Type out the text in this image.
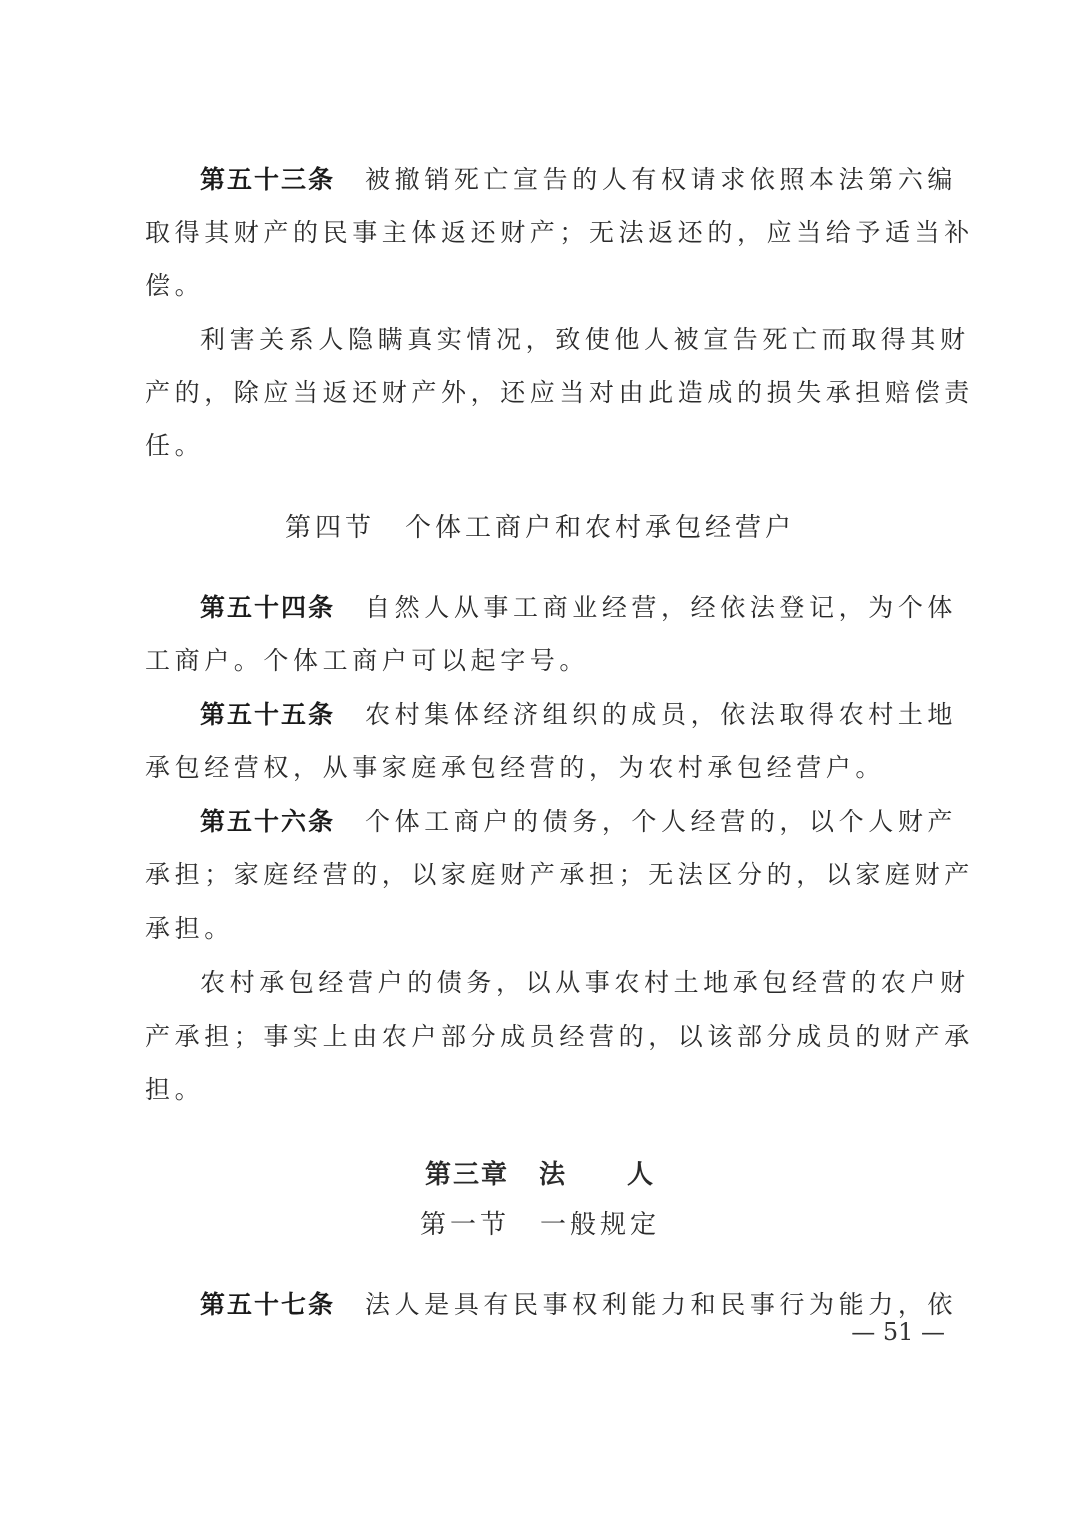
第五十三条 被撤销死亡宣告的人有权请求依照本法第六编
取得其财产的民事主体返还财产；无法返还的，应当给予适当补
偿。
利害关系人隐瞒真实情况，致使他人被宣告死亡而取得其财
产的，除应当返还财产外，还应当对由此造成的损失承担赔偿责
任。
第四节 个体工商户和农村承包经营户
第五十四条 自然人从事工商业经营，经依法登记，为个体
工商户。个体工商户可以起字号。
第五十五条 农村集体经济组织的成员，依法取得农村土地
承包经营权，从事家庭承包经营的，为农村承包经营户。
第五十六条 个体工商户的债务，个人经营的，以个人财产
承担；家庭经营的，以家庭财产承担；无法区分的，以家庭财产
承担。
农村承包经营户的债务，以从事农村土地承包经营的农户财
产承担；事实上由农户部分成员经营的，以该部分成员的财产承
担。
第三章 法 人
第一节 一般规定
第五十七条 法人是具有民事权利能力和民事行为能力，依
— 51 —
